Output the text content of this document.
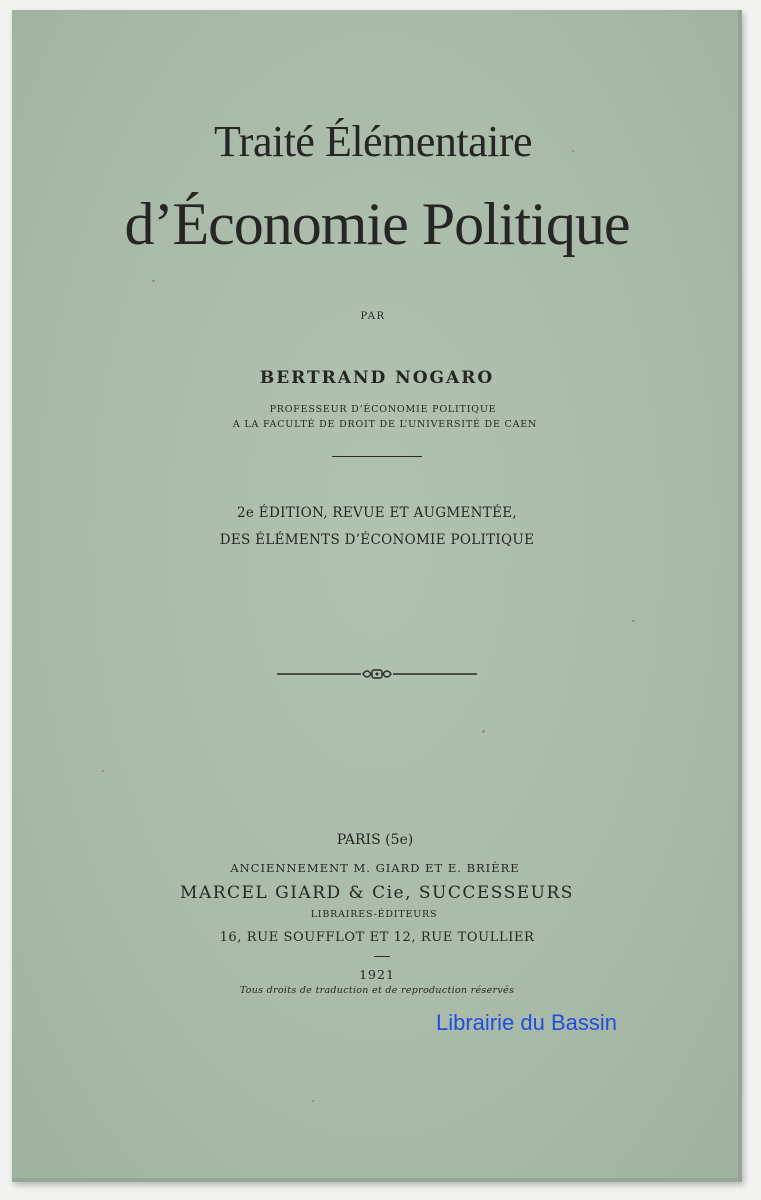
Traité Élémentaire
d’Économie Politique
PAR
BERTRAND NOGARO
PROFESSEUR D’ÉCONOMIE POLITIQUE
A LA FACULTÉ DE DROIT DE L’UNIVERSITÉ DE CAEN
2e ÉDITION, REVUE ET AUGMENTÉE,
DES ÉLÉMENTS D’ÉCONOMIE POLITIQUE
PARIS (5e)
ANCIENNEMENT M. GIARD ET E. BRIÈRE
MARCEL GIARD & Cie, SUCCESSEURS
LIBRAIRES-ÉDITEURS
16, RUE SOUFFLOT ET 12, RUE TOULLIER
1921
Tous droits de traduction et de reproduction réservés
Librairie du Bassin
